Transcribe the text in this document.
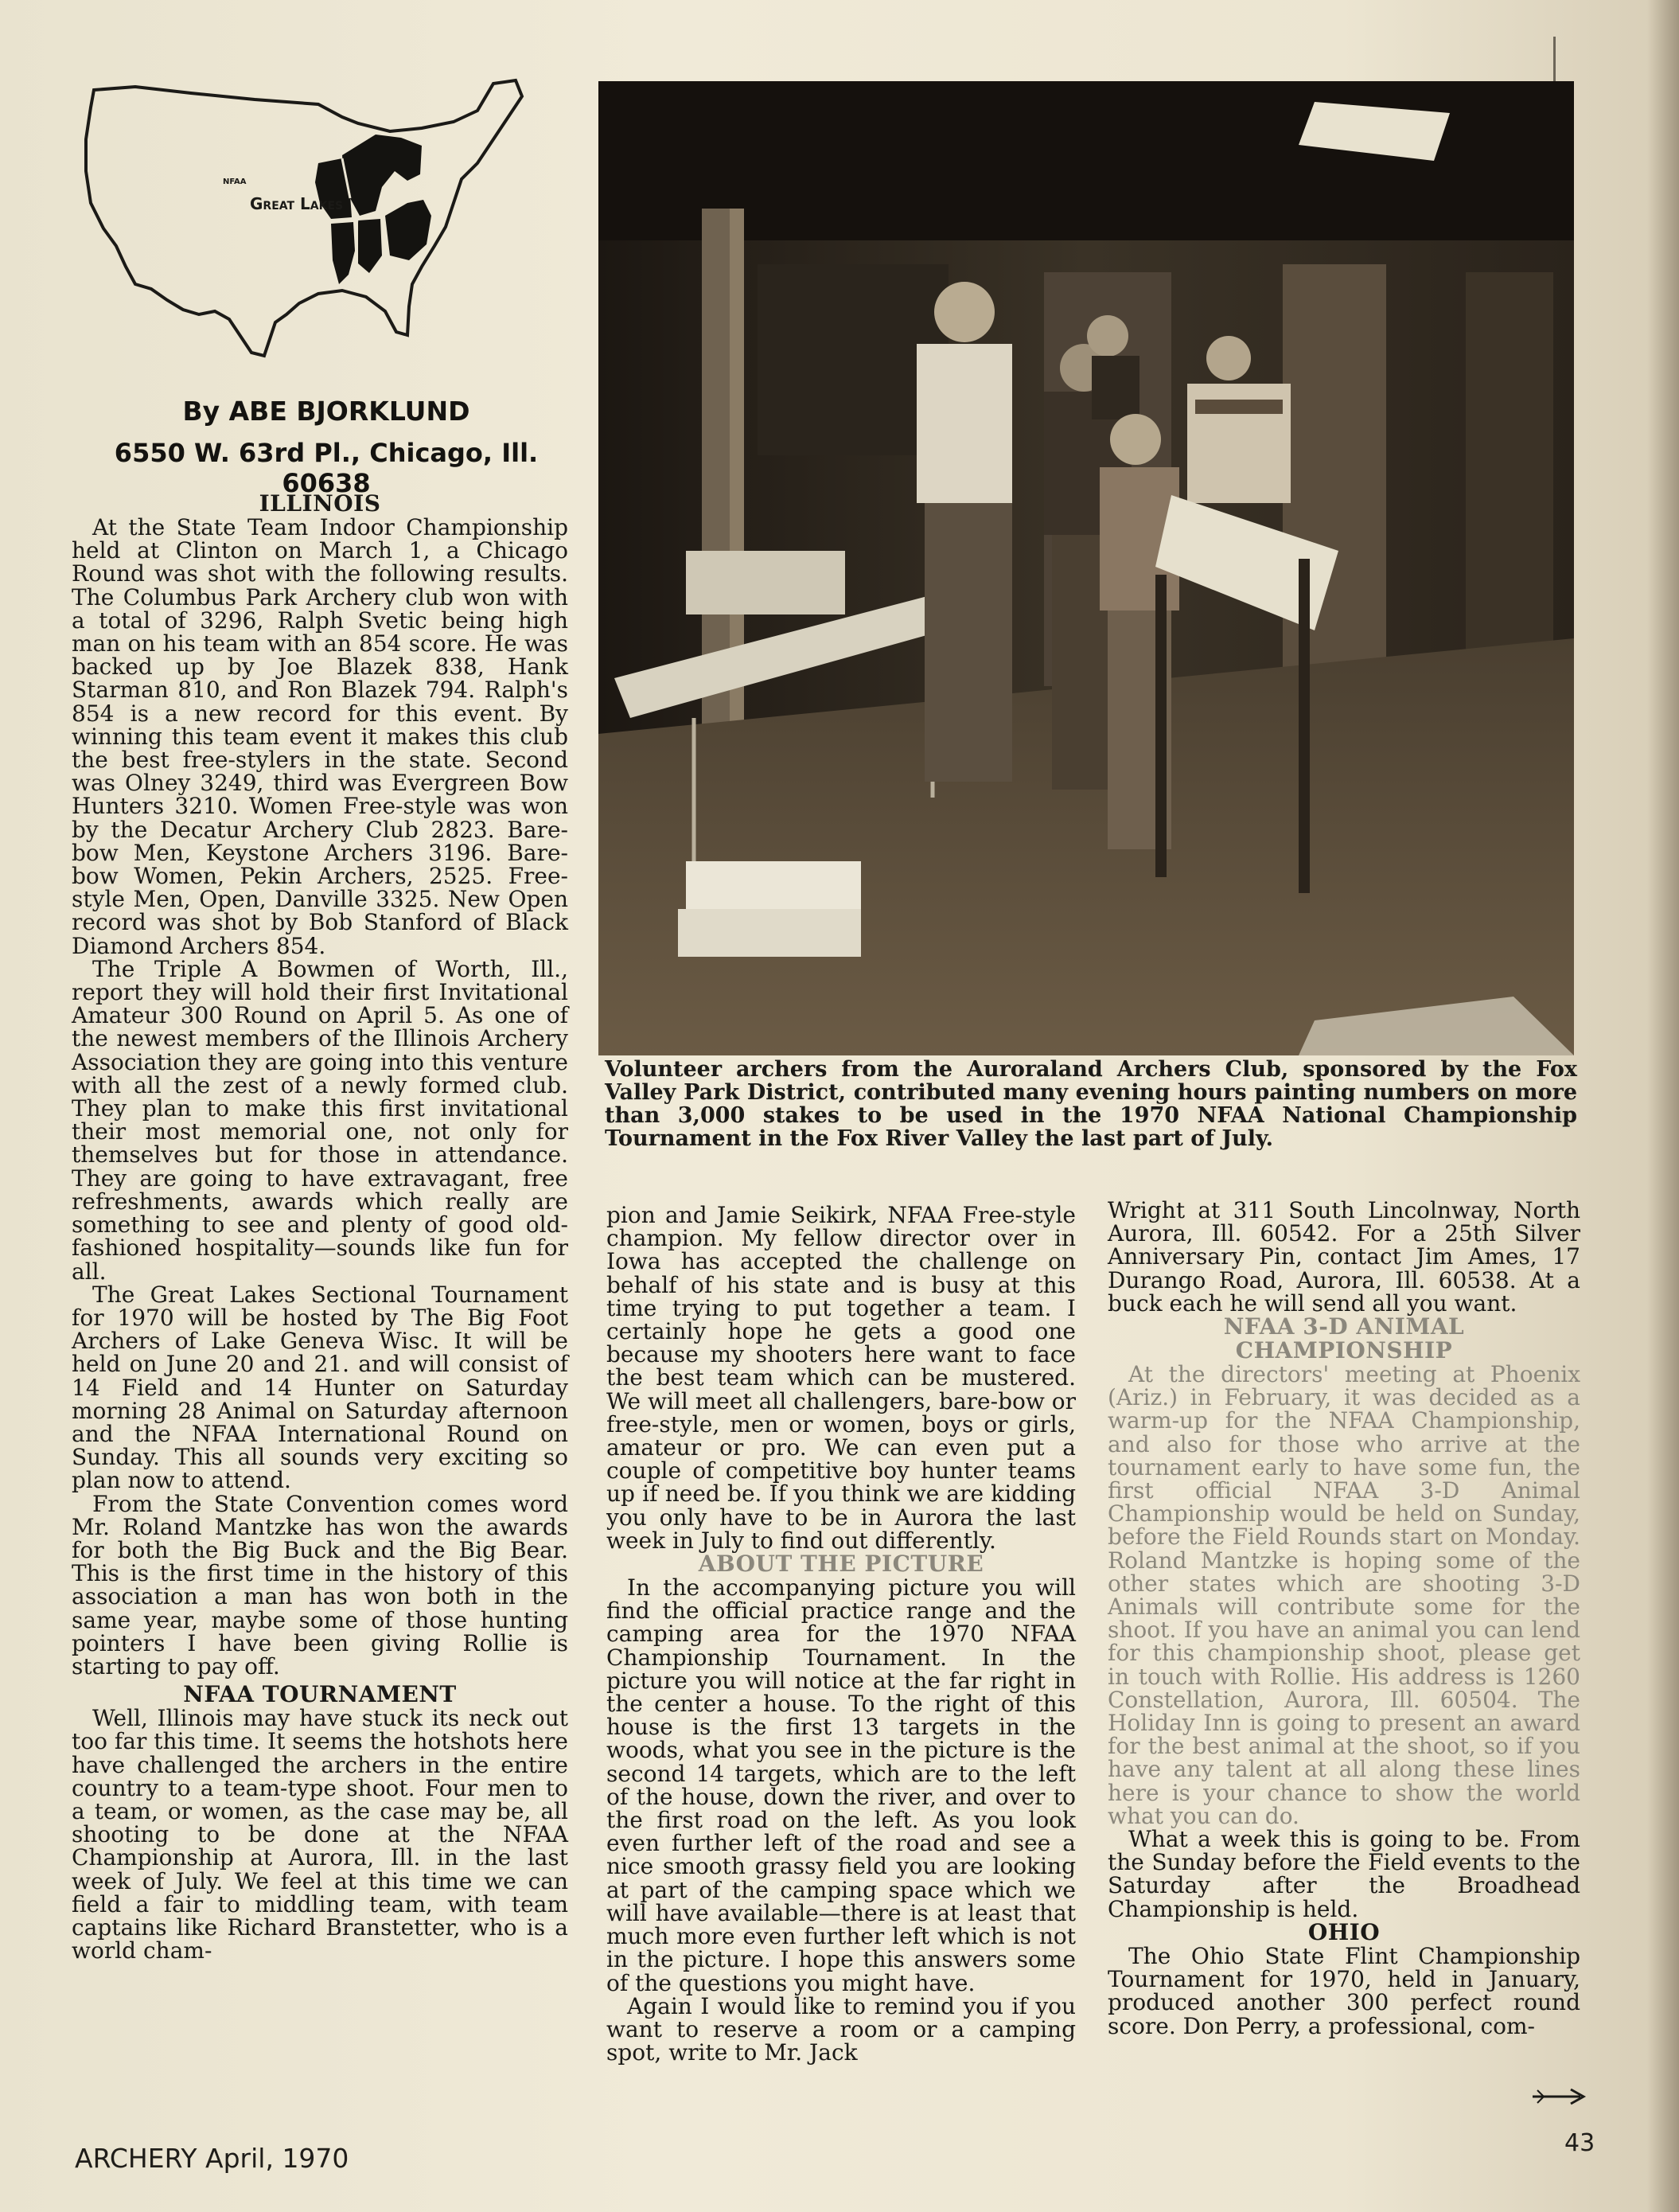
NFAA
Great Lakes
By ABE BJORKLUND
6550 W. 63rd Pl., Chicago, Ill. 60638
ILLINOIS

At the State Team Indoor Championship held at Clinton on March 1, a Chicago Round was shot with the following results. The Columbus Park Archery club won with a total of 3296, Ralph Svetic being high man on his team with an 854 score. He was backed up by Joe Blazek 838, Hank Starman 810, and Ron Blazek 794. Ralph's 854 is a new record for this event. By winning this team event it makes this club the best free-stylers in the state. Second was Olney 3249, third was Evergreen Bow Hunters 3210. Women Free-style was won by the Decatur Archery Club 2823. Bare-bow Men, Keystone Archers 3196. Bare-bow Women, Pekin Archers, 2525. Free-style Men, Open, Danville 3325. New Open record was shot by Bob Stanford of Black Diamond Archers 854.

The Triple A Bowmen of Worth, Ill., report they will hold their first Invitational Amateur 300 Round on April 5. As one of the newest members of the Illinois Archery Association they are going into this venture with all the zest of a newly formed club. They plan to make this first invitational their most memorial one, not only for themselves but for those in attendance. They are going to have extravagant, free refreshments, awards which really are something to see and plenty of good old-fashioned hospitality—sounds like fun for all.

The Great Lakes Sectional Tournament for 1970 will be hosted by The Big Foot Archers of Lake Geneva Wisc. It will be held on June 20 and 21. and will consist of 14 Field and 14 Hunter on Saturday morning 28 Animal on Saturday afternoon and the NFAA International Round on Sunday. This all sounds very exciting so plan now to attend.

From the State Convention comes word Mr. Roland Mantzke has won the awards for both the Big Buck and the Big Bear. This is the first time in the history of this association a man has won both in the same year, maybe some of those hunting pointers I have been giving Rollie is starting to pay off.

NFAA TOURNAMENT

Well, Illinois may have stuck its neck out too far this time. It seems the hotshots here have challenged the archers in the entire country to a team-type shoot. Four men to a team, or women, as the case may be, all shooting to be done at the NFAA Championship at Aurora, Ill. in the last week of July. We feel at this time we can field a fair to middling team, with team captains like Richard Branstetter, who is a world cham-

Volunteer archers from the Auroraland Archers Club, sponsored by the Fox Valley Park District, contributed many evening hours painting numbers on more than 3,000 stakes to be used in the 1970 NFAA National Championship Tournament in the Fox River Valley the last part of July.

pion and Jamie Seikirk, NFAA Free-style champion. My fellow director over in Iowa has accepted the challenge on behalf of his state and is busy at this time trying to put together a team. I certainly hope he gets a good one because my shooters here want to face the best team which can be mustered. We will meet all challengers, bare-bow or free-style, men or women, boys or girls, amateur or pro. We can even put a couple of competitive boy hunter teams up if need be. If you think we are kidding you only have to be in Aurora the last week in July to find out differently.

ABOUT THE PICTURE

In the accompanying picture you will find the official practice range and the camping area for the 1970 NFAA Championship Tournament. In the picture you will notice at the far right in the center a house. To the right of this house is the first 13 targets in the woods, what you see in the picture is the second 14 targets, which are to the left of the house, down the river, and over to the first road on the left. As you look even further left of the road and see a nice smooth grassy field you are looking at part of the camping space which we will have available—there is at least that much more even further left which is not in the picture. I hope this answers some of the questions you might have.

Again I would like to remind you if you want to reserve a room or a camping spot, write to Mr. Jack

Wright at 311 South Lincolnway, North Aurora, Ill. 60542. For a 25th Silver Anniversary Pin, contact Jim Ames, 17 Durango Road, Aurora, Ill. 60538. At a buck each he will send all you want.

NFAA 3-D ANIMAL CHAMPIONSHIP

At the directors' meeting at Phoenix (Ariz.) in February, it was decided as a warm-up for the NFAA Championship, and also for those who arrive at the tournament early to have some fun, the first official NFAA 3-D Animal Championship would be held on Sunday, before the Field Rounds start on Monday. Roland Mantzke is hoping some of the other states which are shooting 3-D Animals will contribute some for the shoot. If you have an animal you can lend for this championship shoot, please get in touch with Rollie. His address is 1260 Constellation, Aurora, Ill. 60504. The Holiday Inn is going to present an award for the best animal at the shoot, so if you have any talent at all along these lines here is your chance to show the world what you can do.

What a week this is going to be. From the Sunday before the Field events to the Saturday after the Broadhead Championship is held.

OHIO

The Ohio State Flint Championship Tournament for 1970, held in January, produced another 300 perfect round score. Don Perry, a professional, com-

ARCHERY April, 1970	43
